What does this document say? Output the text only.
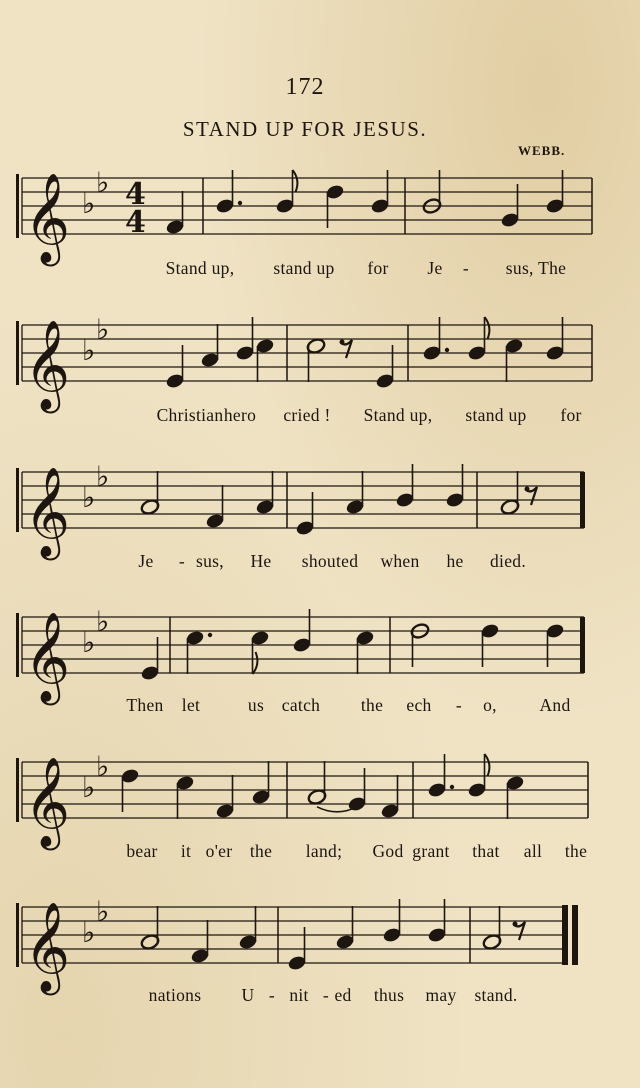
172
STAND UP FOR JESUS.
WEBB.
𝄞 ♭
♭ 4
4
Stand up, stand up for Je - sus, The
𝄞 ♭
♭
Christian hero cried ! Stand up, stand up for
𝄞 ♭
♭
Je - sus, He shouted when he died.
𝄞 ♭
♭
Then let	us catch the ech - o, And
𝄞 ♭
♭
bear it o'er the land; God grant that all the
𝄞 ♭
♭
nations U - nit - ed thus may stand.
